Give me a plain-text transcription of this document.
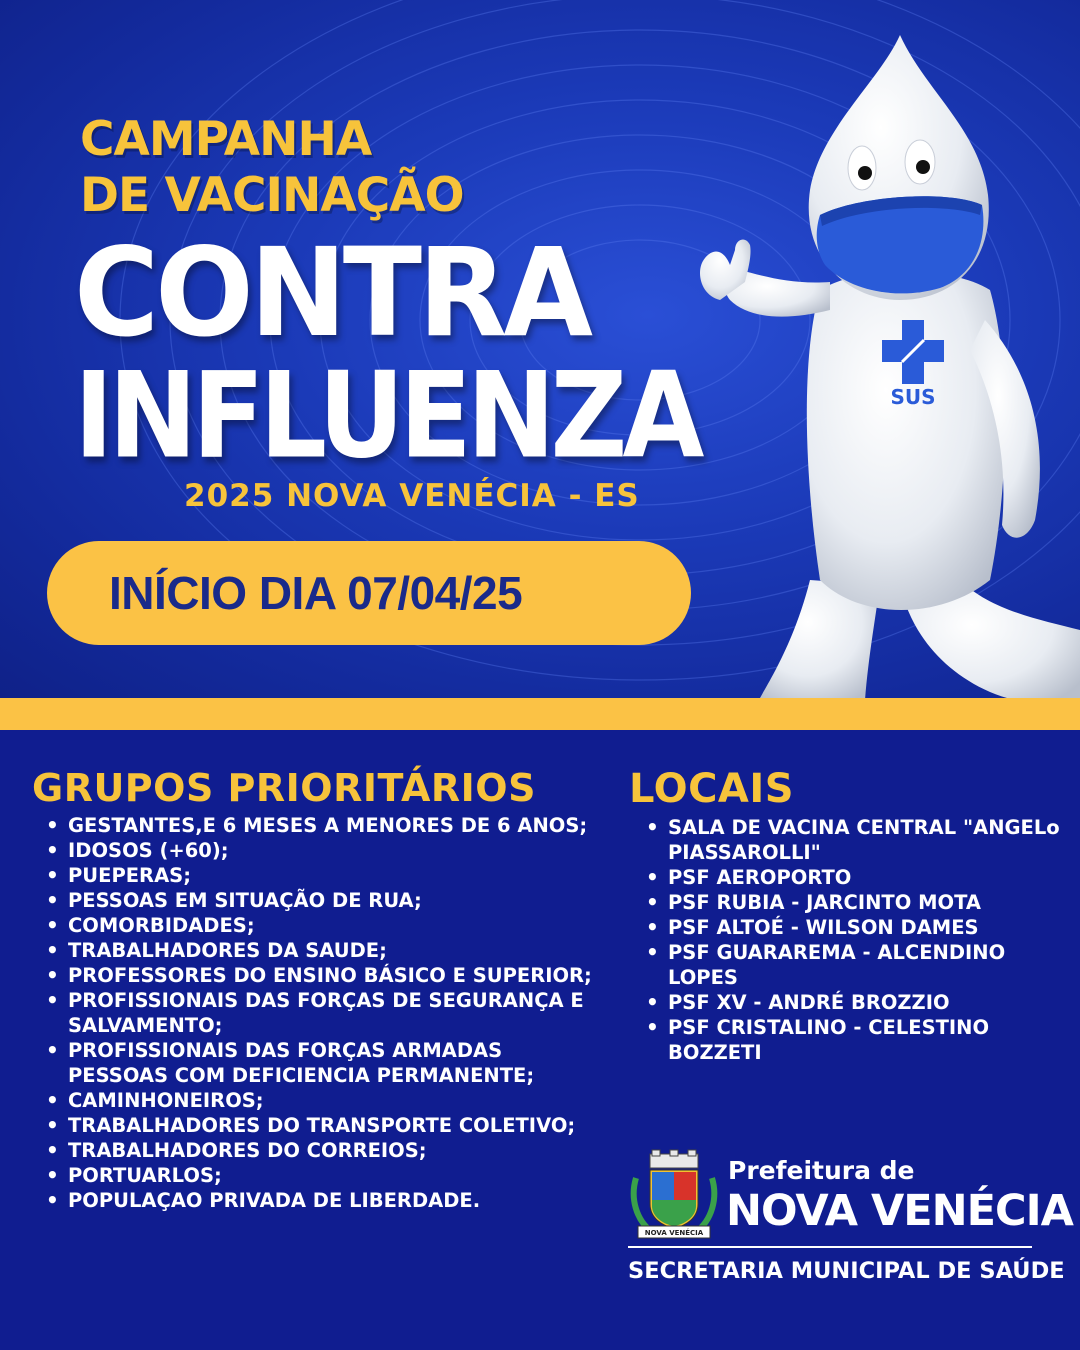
CAMPANHA
DE VACINAÇÃO
CONTRA
INFLUENZA
2025 NOVA VENÉCIA - ES
INÍCIO DIA 07/04/25
SUS
GRUPOS PRIORITÁRIOS
• GESTANTES,E 6 MESES A MENORES DE 6 ANOS;
• IDOSOS (+60);
• PUEPERAS;
• PESSOAS EM SITUAÇÃO DE RUA;
• COMORBIDADES;
• TRABALHADORES DA SAUDE;
• PROFESSORES DO ENSINO BÁSICO E SUPERIOR;
• PROFISSIONAIS DAS FORÇAS DE SEGURANÇA E SALVAMENTO;
• PROFISSIONAIS DAS FORÇAS ARMADAS PESSOAS COM DEFICIENCIA PERMANENTE;
• CAMINHONEIROS;
• TRABALHADORES DO TRANSPORTE COLETIVO;
• TRABALHADORES DO CORREIOS;
• PORTUARLOS;
• POPULAÇAO PRIVADA DE LIBERDADE.
LOCAIS
• SALA DE VACINA CENTRAL "ANGELo PIASSAROLLI"
• PSF AEROPORTO
• PSF RUBIA - JARCINTO MOTA
• PSF ALTOÉ - WILSON DAMES
• PSF GUARAREMA - ALCENDINO LOPES
• PSF XV - ANDRÉ BROZZIO
• PSF CRISTALINO - CELESTINO BOZZETI
NOVA VENÉCIA
Prefeitura de
NOVA VENÉCIA
SECRETARIA MUNICIPAL DE SAÚDE
